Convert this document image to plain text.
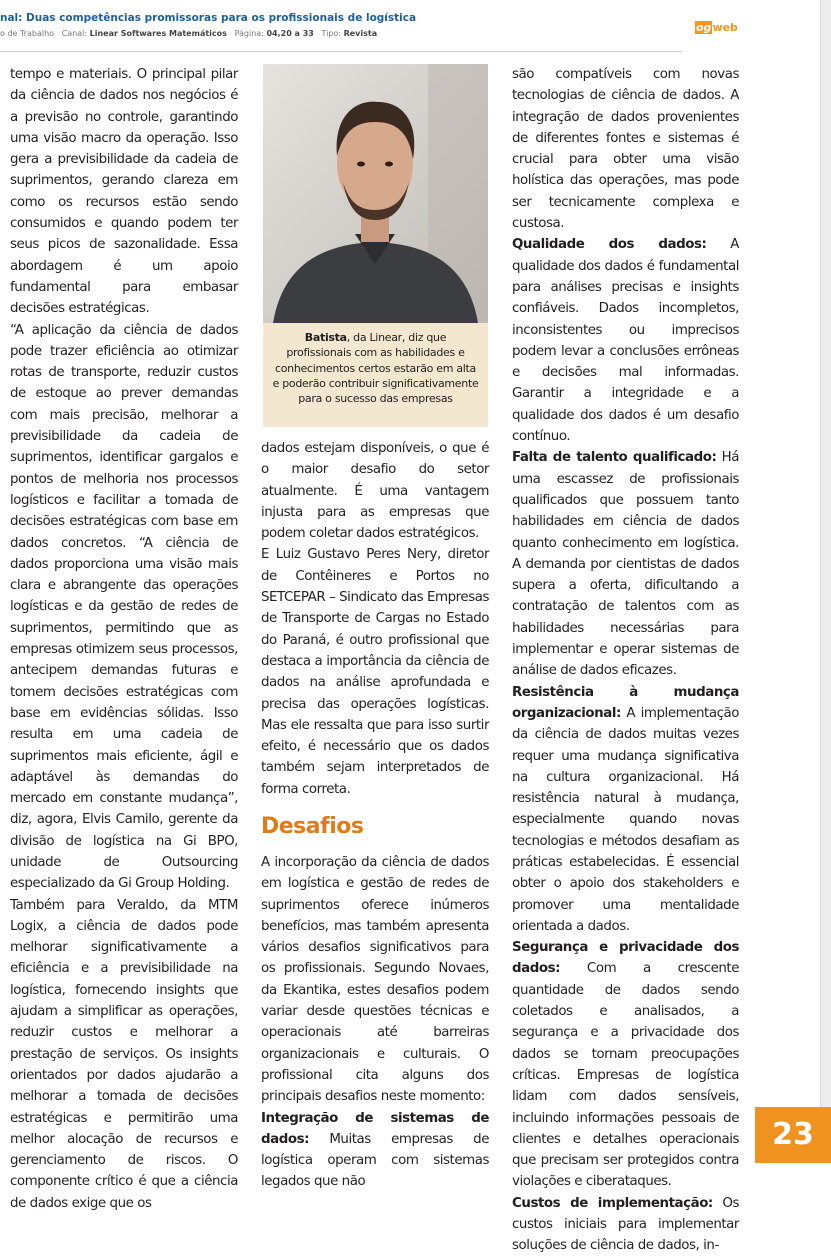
nal: Duas competências promissoras para os profissionais de logística
o de Trabalho Canal: Linear Softwares Matemáticos Página: 04,20 a 33 Tipo: Revista	ogweb

tempo e materiais. O principal pilar da ciência de dados nos negócios é a previsão no controle, garantindo uma visão macro da operação. Isso gera a previsibilidade da cadeia de suprimentos, gerando clareza em como os recursos estão sendo consumidos e quando podem ter seus picos de sazonalidade. Essa abordagem é um apoio fundamental para embasar decisões estratégicas.

“A aplicação da ciência de dados pode trazer eficiência ao otimizar rotas de transporte, reduzir custos de estoque ao prever demandas com mais precisão, melhorar a previsibilidade da cadeia de suprimentos, identificar gargalos e pontos de melhoria nos processos logísticos e facilitar a tomada de decisões estratégicas com base em dados concretos. “A ciência de dados proporciona uma visão mais clara e abrangente das operações logísticas e da gestão de redes de suprimentos, permitindo que as empresas otimizem seus processos, antecipem demandas futuras e tomem decisões estratégicas com base em evidências sólidas. Isso resulta em uma cadeia de suprimentos mais eficiente, ágil e adaptável às demandas do mercado em constante mudança”, diz, agora, Elvis Camilo, gerente da divisão de logística na Gi BPO, unidade de Outsourcing especializado da Gi Group Holding.

Também para Veraldo, da MTM Logix, a ciência de dados pode melhorar significativamente a eficiência e a previsibilidade na logística, fornecendo insights que ajudam a simplificar as operações, reduzir custos e melhorar a prestação de serviços. Os insights orientados por dados ajudarão a melhorar a tomada de decisões estratégicas e permitirão uma melhor alocação de recursos e gerenciamento de riscos. O componente crítico é que a ciência de dados exige que os

Batista, da Linear, diz que profissionais com as habilidades e conhecimentos certos estarão em alta e poderão contribuir significativamente para o sucesso das empresas

dados estejam disponíveis, o que é o maior desafio do setor atualmente. É uma vantagem injusta para as empresas que podem coletar dados estratégicos.

E Luiz Gustavo Peres Nery, diretor de Contêineres e Portos no SETCEPAR – Sindicato das Empresas de Transporte de Cargas no Estado do Paraná, é outro profissional que destaca a importância da ciência de dados na análise aprofundada e precisa das operações logísticas. Mas ele ressalta que para isso surtir efeito, é necessário que os dados também sejam interpretados de forma correta.

Desafios

A incorporação da ciência de dados em logística e gestão de redes de suprimentos oferece inúmeros benefícios, mas também apresenta vários desafios significativos para os profissionais. Segundo Novaes, da Ekantika, estes desafios podem variar desde questões técnicas e operacionais até barreiras organizacionais e culturais. O profissional cita alguns dos principais desafios neste momento:

Integração de sistemas de dados: Muitas empresas de logística operam com sistemas legados que não

são compatíveis com novas tecnologias de ciência de dados. A integração de dados provenientes de diferentes fontes e sistemas é crucial para obter uma visão holística das operações, mas pode ser tecnicamente complexa e custosa.

Qualidade dos dados: A qualidade dos dados é fundamental para análises precisas e insights confiáveis. Dados incompletos, inconsistentes ou imprecisos podem levar a conclusões errôneas e decisões mal informadas. Garantir a integridade e a qualidade dos dados é um desafio contínuo.

Falta de talento qualificado: Há uma escassez de profissionais qualificados que possuem tanto habilidades em ciência de dados quanto conhecimento em logística. A demanda por cientistas de dados supera a oferta, dificultando a contratação de talentos com as habilidades necessárias para implementar e operar sistemas de análise de dados eficazes.

Resistência à mudança organizacional: A implementação da ciência de dados muitas vezes requer uma mudança significativa na cultura organizacional. Há resistência natural à mudança, especialmente quando novas tecnologias e métodos desafiam as práticas estabelecidas. É essencial obter o apoio dos stakeholders e promover uma mentalidade orientada a dados.

Segurança e privacidade dos dados: Com a crescente quantidade de dados sendo coletados e analisados, a segurança e a privacidade dos dados se tornam preocupações críticas. Empresas de logística lidam com dados sensíveis, incluindo informações pessoais de clientes e detalhes operacionais que precisam ser protegidos contra violações e ciberataques.

Custos de implementação: Os custos iniciais para implementar soluções de ciência de dados, in-

23
